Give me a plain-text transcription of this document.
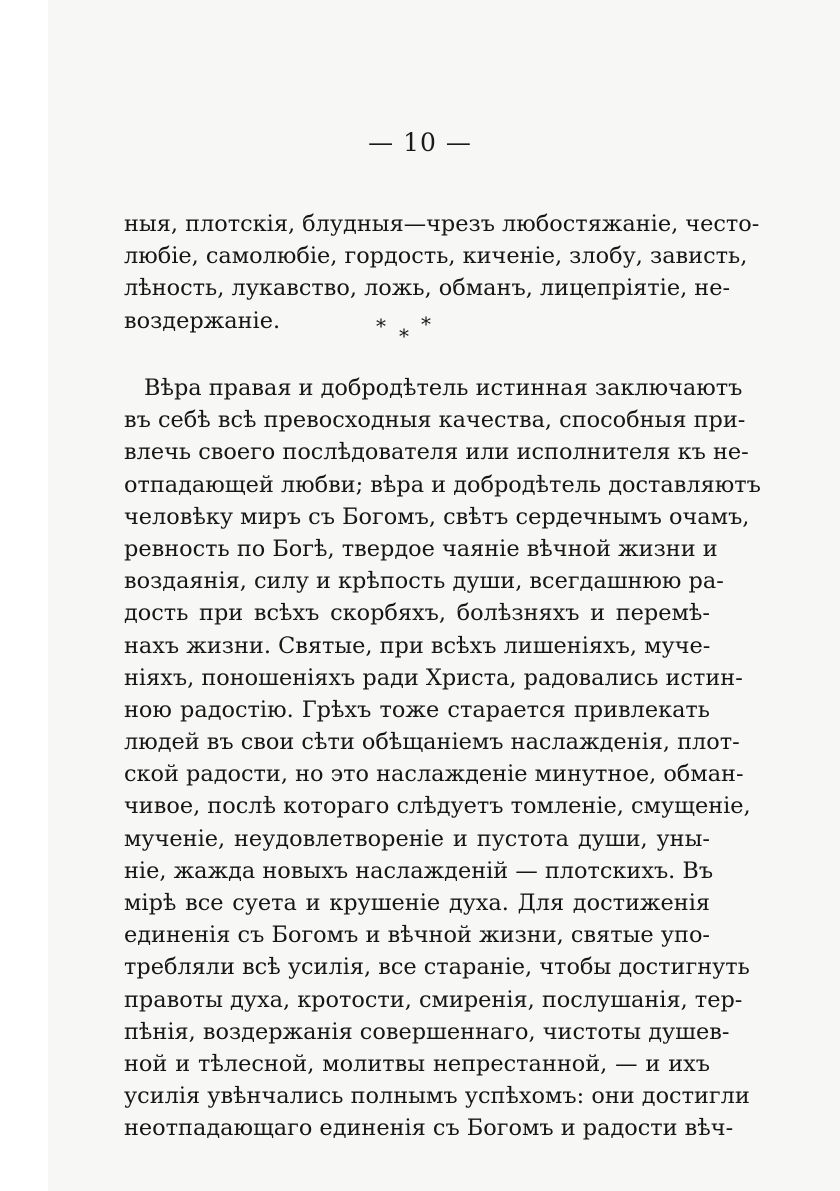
— 10 —
ныя, плотскія, блудныя—чрезъ любостяжаніе, често-
любіе, самолюбіе, гордость, киченіе, злобу, зависть,
лѣность, лукавство, ложь, обманъ, лицепріятіе, не-
воздержаніе.	* * *
Вѣра правая и добродѣтель истинная заключаютъ
въ себѣ всѣ превосходныя качества, способныя при-
влечь своего послѣдователя или исполнителя къ не-
отпадающей любви; вѣра и добродѣтель доставляютъ
человѣку миръ съ Богомъ, свѣтъ сердечнымъ очамъ,
ревность по Богѣ, твердое чаяніе вѣчной жизни и
воздаянія, силу и крѣпость души, всегдашнюю ра-
дость при всѣхъ скорбяхъ, болѣзняхъ и перемѣ-
нахъ жизни. Святые, при всѣхъ лишеніяхъ, муче-
ніяхъ, поношеніяхъ ради Христа, радовались истин-
ною радостію. Грѣхъ тоже старается привлекать
людей въ свои сѣти обѣщаніемъ наслажденія, плот-
ской радости, но это наслажденіе минутное, обман-
чивое, послѣ котораго слѣдуетъ томленіе, смущеніе,
мученіе, неудовлетвореніе и пустота души, уны-
ніе, жажда новыхъ наслажденій — плотскихъ. Въ
мірѣ все суета и крушеніе духа. Для достиженія
единенія съ Богомъ и вѣчной жизни, святые упо-
требляли всѣ усилія, все стараніе, чтобы достигнуть
правоты духа, кротости, смиренія, послушанія, тер-
пѣнія, воздержанія совершеннаго, чистоты душев-
ной и тѣлесной, молитвы непрестанной, — и ихъ
усилія увѣнчались полнымъ успѣхомъ: они достигли
неотпадающаго единенія съ Богомъ и радости вѣч-
